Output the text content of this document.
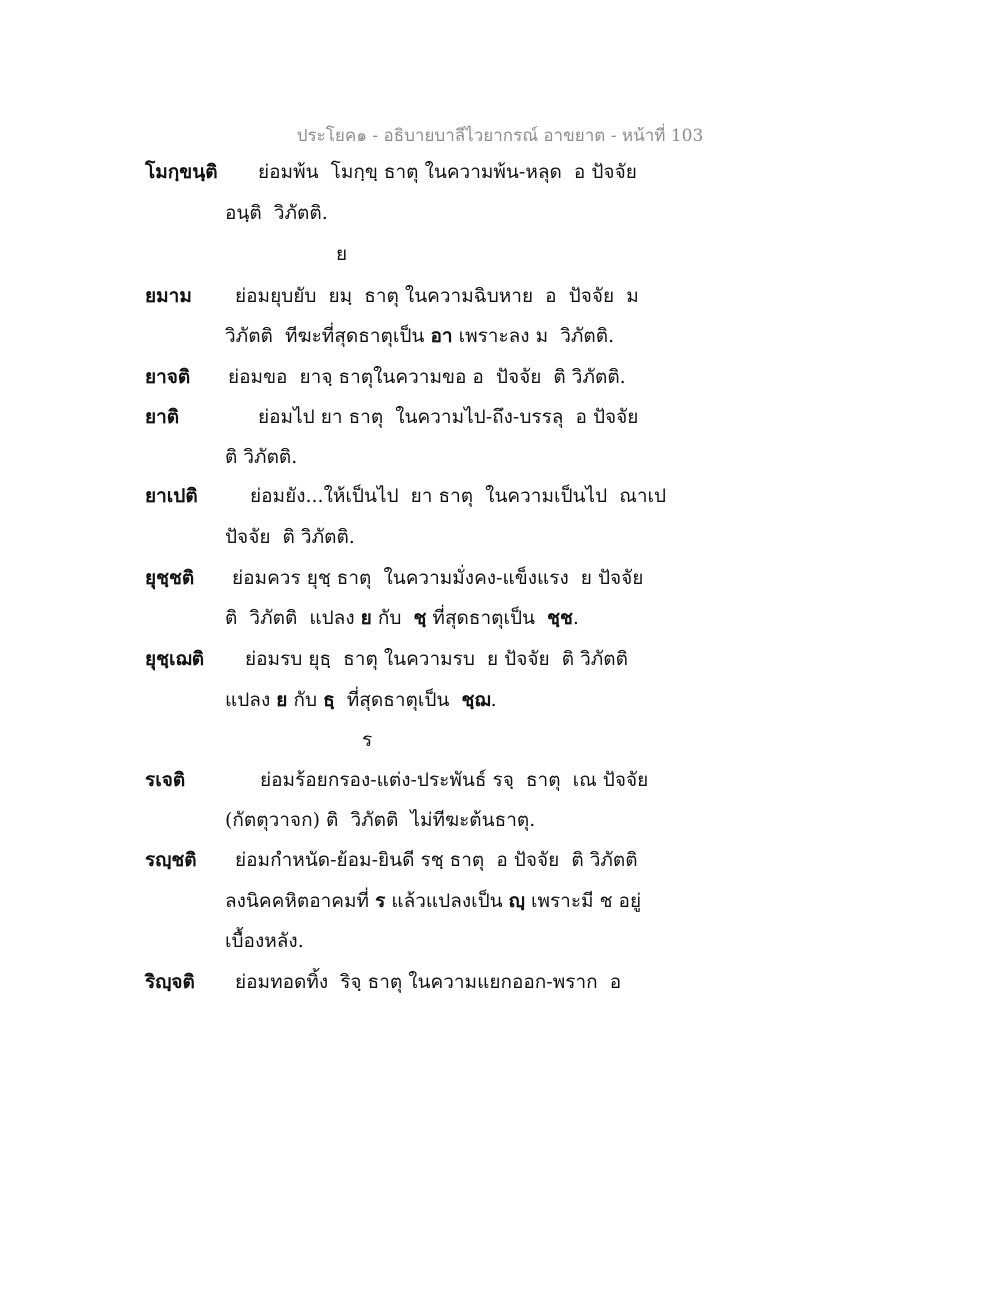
ประโยค๑ - อธิบายบาลีไวยากรณ์ อาขยาต - หน้าที่ 103
โมกฺขนฺติ ย่อมพ้น  โมกฺขฺ ธาตุ ในความพ้น-หลุด  อ ปัจจัย
อนฺติ  วิภัตติ.
ย
ยมาม ย่อมยุบยับ  ยมฺ  ธาตุ ในความฉิบหาย  อ  ปัจจัย  ม
วิภัตติ  ทีฆะที่สุดธาตุเป็น อา เพราะลง ม  วิภัตติ.
ยาจติ ย่อมขอ  ยาจฺ ธาตุในความขอ อ  ปัจจัย  ติ วิภัตติ.
ยาติ	ย่อมไป ยา ธาตุ  ในความไป-ถึง-บรรลุ  อ ปัจจัย
ติ วิภัตติ.
ยาเปติ	ย่อมยัง...ให้เป็นไป  ยา ธาตุ  ในความเป็นไป  ณาเป
ปัจจัย  ติ วิภัตติ.
ยุชฺชติ ย่อมควร ยุชฺ ธาตุ  ในความมั่งคง-แข็งแรง  ย ปัจจัย
ติ  วิภัตติ  แปลง ย กับ  ชฺ ที่สุดธาตุเป็น  ชฺช.
ยุชฺเฌติ ย่อมรบ ยุธฺ  ธาตุ ในความรบ  ย ปัจจัย  ติ วิภัตติ
แปลง ย กับ ธฺ  ที่สุดธาตุเป็น  ชฺฌ.
ร
รเจติ	ย่อมร้อยกรอง-แต่ง-ประพันธ์ รจฺ  ธาตุ  เณ ปัจจัย
(กัตตุวาจก) ติ  วิภัตติ  ไม่ทีฆะต้นธาตุ.
รญฺชติ ย่อมกำหนัด-ย้อม-ยินดี รชฺ ธาตุ  อ ปัจจัย  ติ วิภัตติ
ลงนิคคหิตอาคมที่ ร แล้วแปลงเป็น ญฺ เพราะมี ช อยู่
เบื้องหลัง.
ริญฺจติ ย่อมทอดทิ้ง  ริจฺ ธาตุ ในความแยกออก-พราก  อ
